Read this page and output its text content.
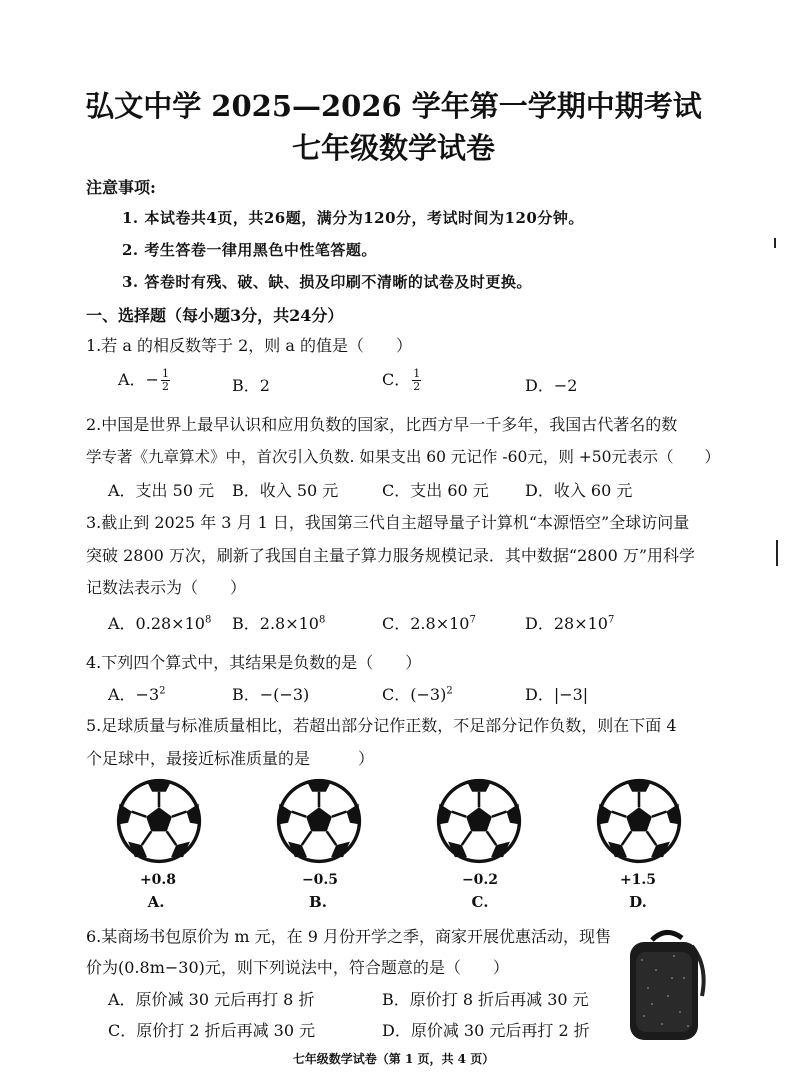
弘文中学 2025—2026 学年第一学期中期考试
七年级数学试卷
注意事项:
1. 本试卷共4页，共26题，满分为120分，考试时间为120分钟。
2. 考生答卷一律用黑色中性笔答题。
3. 答卷时有残、破、缺、损及印刷不清晰的试卷及时更换。
一、选择题（每小题3分，共24分）
1.若 a 的相反数等于 2，则 a 的值是（　　）
A．− $\frac{1}{2}$	B．2	C． $\frac{1}{2}$	D．−2
2.中国是世界上最早认识和应用负数的国家，比西方早一千多年，我国古代著名的数
学专著《九章算术》中，首次引入负数. 如果支出 60 元记作 -60元，则 +50元表示（　　）
A．支出 50 元 B．收入 50 元	C．支出 60 元 D．收入 60 元
3.截止到 2025 年 3 月 1 日，我国第三代自主超导量子计算机“本源悟空”全球访问量
突破 2800 万次，刷新了我国自主量子算力服务规模记录．其中数据“2800 万”用科学
记数法表示为（　　）
A．$0.28\times 10^8$ B．$2.8\times 10^8$	C．$2.8\times 10^7$	D．$28\times 10^7$
4.下列四个算式中，其结果是负数的是（　　）
A．$-3^2$	B．−(−3)	C．$(-3)^2$	D．|−3|
5.足球质量与标准质量相比，若超出部分记作正数，不足部分记作负数，则在下面 4
个足球中，最接近标准质量的是　　　）
+0.8	−0.5	−0.2	+1.5
A.	B.	C.	D.
6.某商场书包原价为 m 元，在 9 月份开学之季，商家开展优惠活动，现售
价为(0.8m−30)元，则下列说法中，符合题意的是（　　）
A．原价减 30 元后再打 8 折	B．原价打 8 折后再减 30 元
C．原价打 2 折后再减 30 元	D．原价减 30 元后再打 2 折
七年级数学试卷（第 1 页，共 4 页）
